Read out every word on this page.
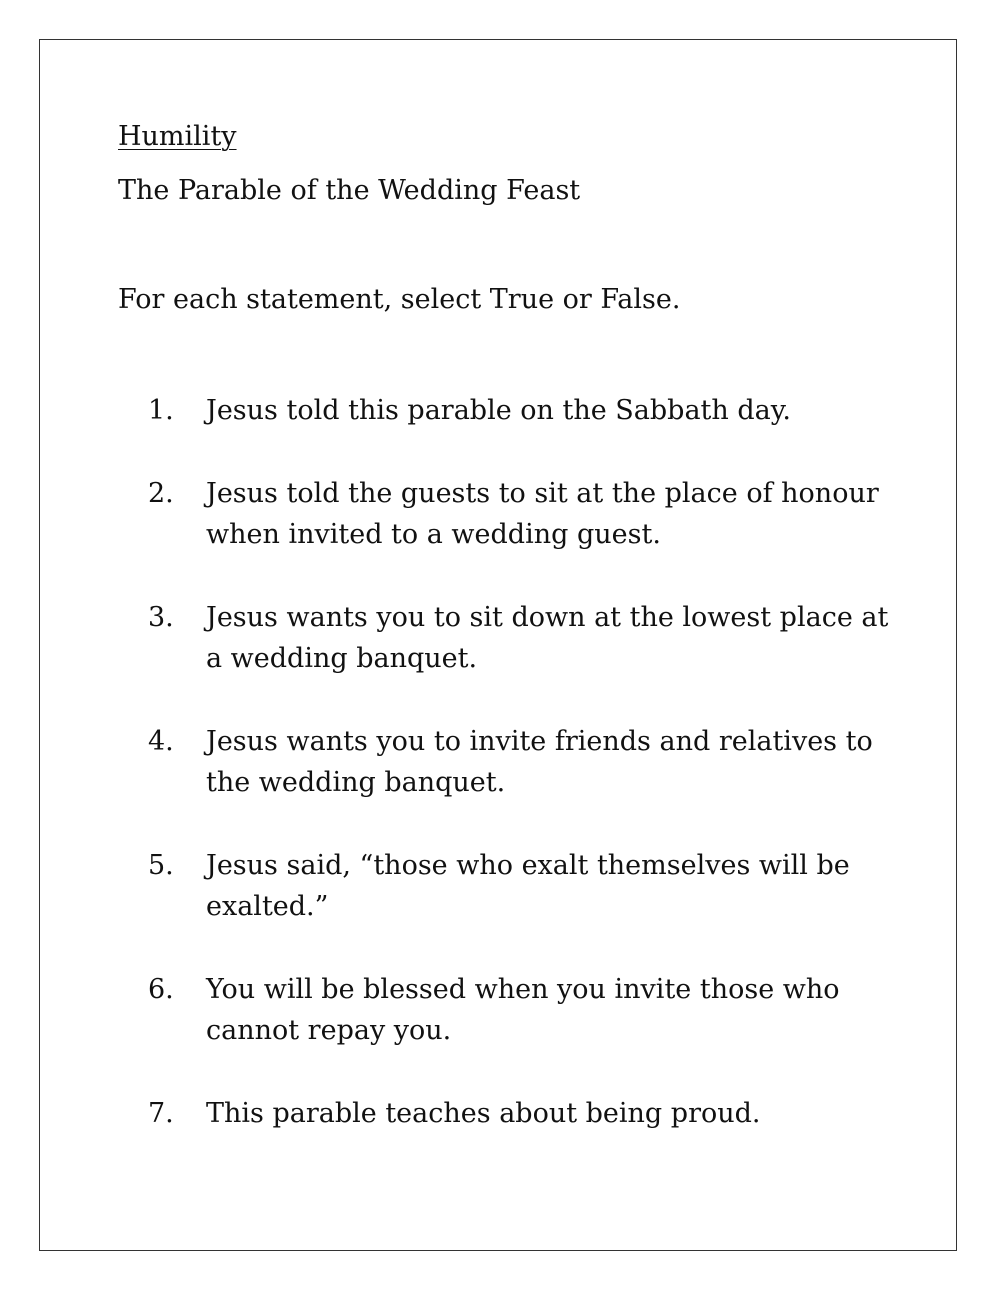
Humility
The Parable of the Wedding Feast
For each statement, select True or False.
1.	Jesus told this parable on the Sabbath day.
2.	Jesus told the guests to sit at the place of honour when invited to a wedding guest.
3.	Jesus wants you to sit down at the lowest place at a wedding banquet.
4.	Jesus wants you to invite friends and relatives to the wedding banquet.
5.	Jesus said, “those who exalt themselves will be exalted.”
6.	You will be blessed when you invite those who cannot repay you.
7.	This parable teaches about being proud.
